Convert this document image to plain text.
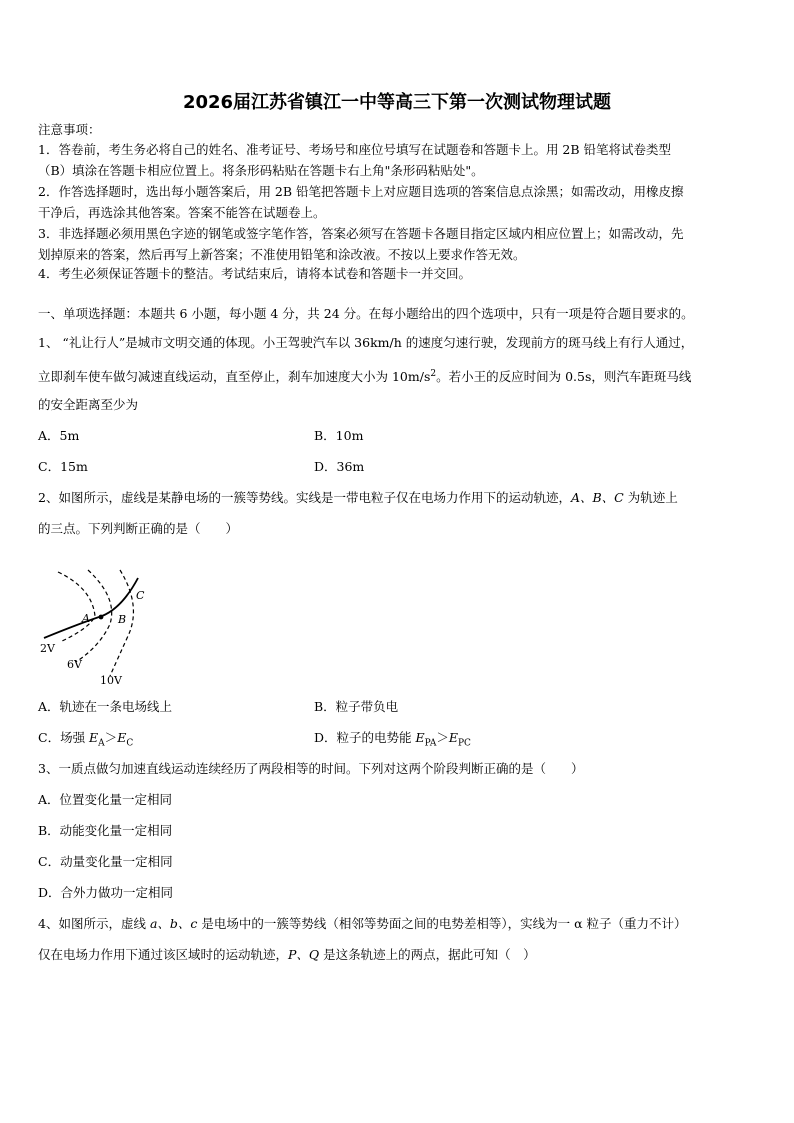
2026届江苏省镇江一中等高三下第一次测试物理试题
注意事项：
1．答卷前，考生务必将自己的姓名、准考证号、考场号和座位号填写在试题卷和答题卡上。用 2B 铅笔将试卷类型
（B）填涂在答题卡相应位置上。将条形码粘贴在答题卡右上角"条形码粘贴处"。
2．作答选择题时，选出每小题答案后，用 2B 铅笔把答题卡上对应题目选项的答案信息点涂黑；如需改动，用橡皮擦
干净后，再选涂其他答案。答案不能答在试题卷上。
3．非选择题必须用黑色字迹的钢笔或签字笔作答，答案必须写在答题卡各题目指定区域内相应位置上；如需改动，先
划掉原来的答案，然后再写上新答案；不准使用铅笔和涂改液。不按以上要求作答无效。
4．考生必须保证答题卡的整洁。考试结束后，请将本试卷和答题卡一并交回。
一、单项选择题：本题共 6 小题，每小题 4 分，共 24 分。在每小题给出的四个选项中，只有一项是符合题目要求的。
1、 “礼让行人”是城市文明交通的体现。小王驾驶汽车以 36km/h 的速度匀速行驶，发现前方的斑马线上有行人通过，
立即刹车使车做匀减速直线运动，直至停止，刹车加速度大小为 $10m/s^2$。若小王的反应时间为 0.5s，则汽车距斑马线
的安全距离至少为
A．5m	B．10m
C．15m	D．36m
2、如图所示，虚线是某静电场的一簇等势线。实线是一带电粒子仅在电场力作用下的运动轨迹，A、B、C 为轨迹上
的三点。下列判断正确的是（　　）
A	B
C
2V
6V
10V
A．轨迹在一条电场线上	B．粒子带负电
C．场强 $E_A>E_C$	D．粒子的电势能 $E_{PA}>E_{PC}$
3、一质点做匀加速直线运动连续经历了两段相等的时间。下列对这两个阶段判断正确的是（　　）
A．位置变化量一定相同
B．动能变化量一定相同
C．动量变化量一定相同
D．合外力做功一定相同
4、如图所示，虚线 a、b、c 是电场中的一簇等势线（相邻等势面之间的电势差相等），实线为一 α 粒子（重力不计）
仅在电场力作用下通过该区域时的运动轨迹，P、Q 是这条轨迹上的两点，据此可知（　）
